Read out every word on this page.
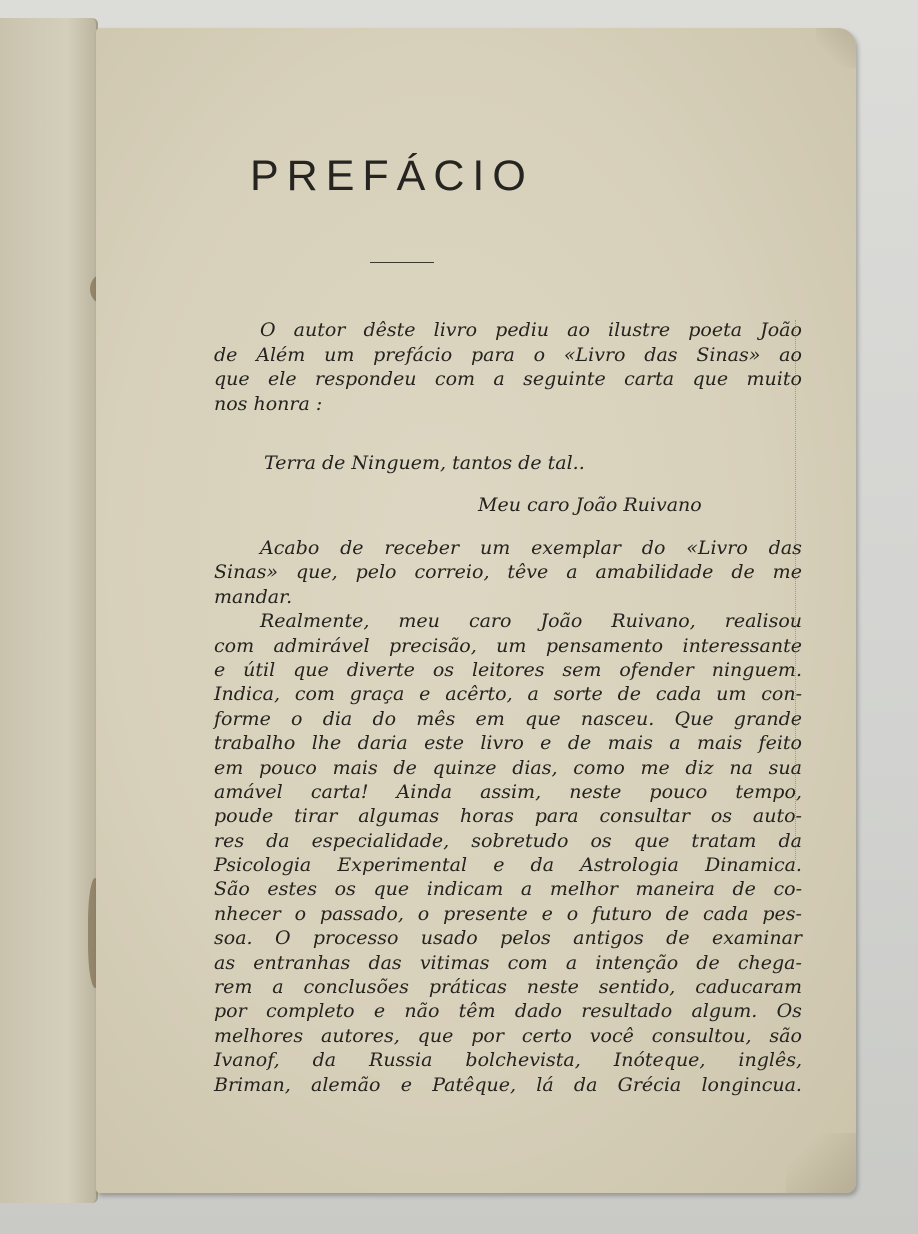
PREFÁCIO
O autor dêste livro pediu ao ilustre poeta João
de Além um prefácio para o «Livro das Sinas» ao
que ele respondeu com a seguinte carta que muito
nos honra :
Terra de Ninguem, tantos de tal..
Meu caro João Ruivano
Acabo de receber um exemplar do «Livro das
Sinas» que, pelo correio, têve a amabilidade de me
mandar.
Realmente, meu caro João Ruivano, realisou
com admirável precisão, um pensamento interessante
e útil que diverte os leitores sem ofender ninguem.
Indica, com graça e acêrto, a sorte de cada um con-
forme o dia do mês em que nasceu. Que grande
trabalho lhe daria este livro e de mais a mais feito
em pouco mais de quinze dias, como me diz na sua
amável carta! Ainda assim, neste pouco tempo,
poude tirar algumas horas para consultar os auto-
res da especialidade, sobretudo os que tratam da
Psicologia Experimental e da Astrologia Dinamica.
São estes os que indicam a melhor maneira de co-
nhecer o passado, o presente e o futuro de cada pes-
soa. O processo usado pelos antigos de examinar
as entranhas das vitimas com a intenção de chega-
rem a conclusões práticas neste sentido, caducaram
por completo e não têm dado resultado algum. Os
melhores autores, que por certo você consultou, são
Ivanof, da Russia bolchevista, Inóteque, inglês,
Briman, alemão e Patêque, lá da Grécia longincua.
